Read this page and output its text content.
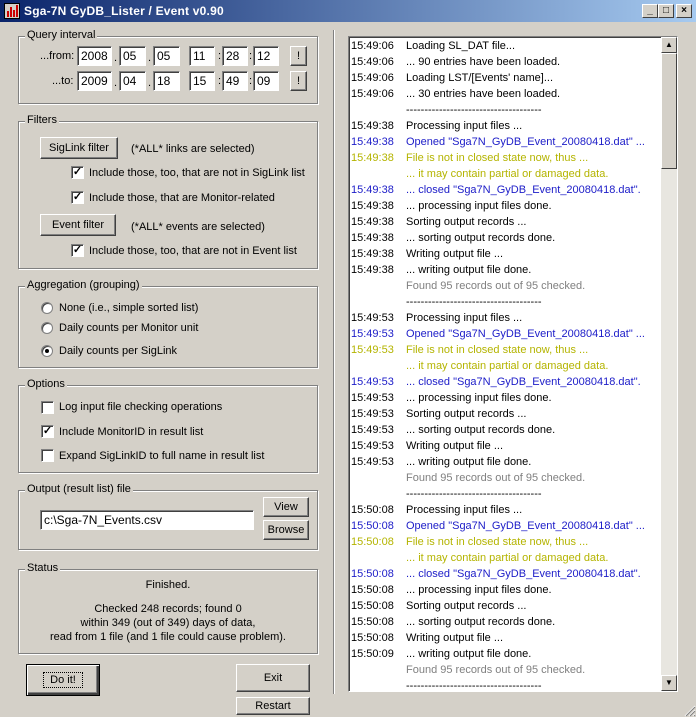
Sga-7N GyDB_Lister / Event v0.90	_	□	×
Query interval
...from: 2008 . 05	. 05	11	: 28 : 12	!
...to: 2009 . 04	. 18	15	: 49 : 09	!
Filters
SigLink filter	(*ALL* links are selected)
✓ Include those, too, that are not in SigLink list
✓ Include those, that are Monitor-related
Event filter	(*ALL* events are selected)
✓ Include those, too, that are not in Event list
Aggregation (grouping)
None (i.e., simple sorted list)
Daily counts per Monitor unit
Daily counts per SigLink
Options
Log input file checking operations
✓ Include MonitorID in result list
Expand SigLinkID to full name in result list
Output (result list) file
c:\Sga-7N_Events.csv
View
Browse
Status
Finished.
Checked 248 records; found 0
within 349 (out of 349) days of data,
read from 1 file (and 1 file could cause problem).
Do it!	Exit
Restart
15:49:06 Loading SL_DAT file...
15:49:06 ... 90 entries have been loaded.
15:49:06 Loading LST/[Events' name]...
15:49:06 ... 30 entries have been loaded.
-------------------------------------
15:49:38 Processing input files ...
15:49:38 Opened "Sga7N_GyDB_Event_20080418.dat" ...
15:49:38 File is not in closed state now, thus ...
... it may contain partial or damaged data.
15:49:38 ... closed "Sga7N_GyDB_Event_20080418.dat".
15:49:38 ... processing input files done.
15:49:38 Sorting output records ...
15:49:38 ... sorting output records done.
15:49:38 Writing output file ...
15:49:38 ... writing output file done.
Found 95 records out of 95 checked.
-------------------------------------
15:49:53 Processing input files ...
15:49:53 Opened "Sga7N_GyDB_Event_20080418.dat" ...
15:49:53 File is not in closed state now, thus ...
... it may contain partial or damaged data.
15:49:53 ... closed "Sga7N_GyDB_Event_20080418.dat".
15:49:53 ... processing input files done.
15:49:53 Sorting output records ...
15:49:53 ... sorting output records done.
15:49:53 Writing output file ...
15:49:53 ... writing output file done.
Found 95 records out of 95 checked.
-------------------------------------
15:50:08 Processing input files ...
15:50:08 Opened "Sga7N_GyDB_Event_20080418.dat" ...
15:50:08 File is not in closed state now, thus ...
... it may contain partial or damaged data.
15:50:08 ... closed "Sga7N_GyDB_Event_20080418.dat".
15:50:08 ... processing input files done.
15:50:08 Sorting output records ...
15:50:08 ... sorting output records done.
15:50:08 Writing output file ...
15:50:09 ... writing output file done.
Found 95 records out of 95 checked.
-------------------------------------
▲
▼
